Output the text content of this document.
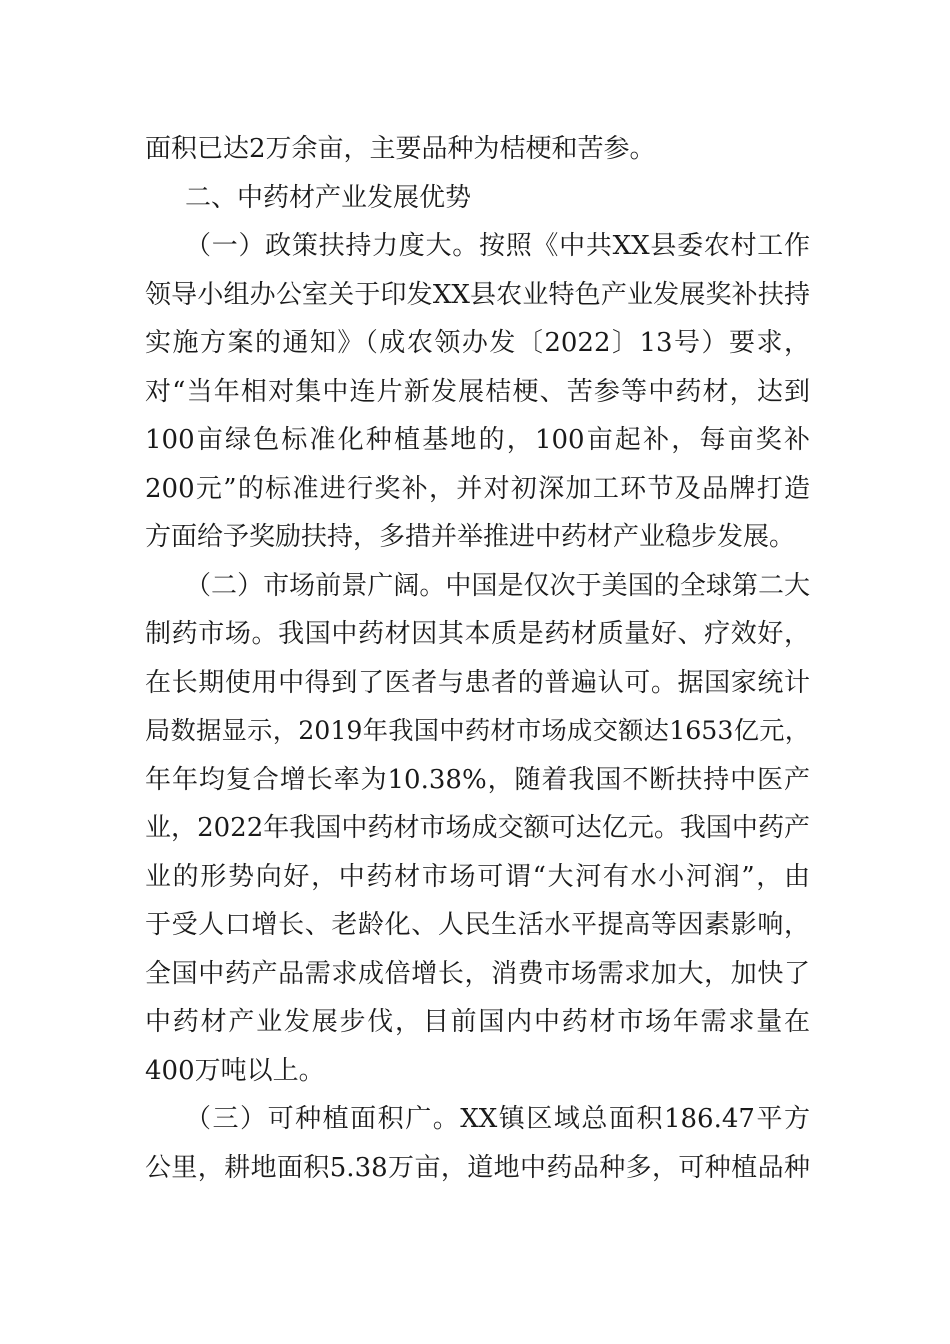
面积已达2万余亩，主要品种为桔梗和苦参。
二、中药材产业发展优势
（一）政策扶持力度大。按照《中共XX县委农村工作
领导小组办公室关于印发XX县农业特色产业发展奖补扶持
实施方案的通知》（成农领办发〔2022〕13号）要求，
对“当年相对集中连片新发展桔梗、苦参等中药材，达到
100亩绿色标准化种植基地的，100亩起补，每亩奖补
200元”的标准进行奖补，并对初深加工环节及品牌打造
方面给予奖励扶持，多措并举推进中药材产业稳步发展。
（二）市场前景广阔。中国是仅次于美国的全球第二大
制药市场。我国中药材因其本质是药材质量好、疗效好，
在长期使用中得到了医者与患者的普遍认可。据国家统计
局数据显示，2019年我国中药材市场成交额达1653亿元，
年年均复合增长率为10.38%，随着我国不断扶持中医产
业，2022年我国中药材市场成交额可达亿元。我国中药产
业的形势向好，中药材市场可谓“大河有水小河润”，由
于受人口增长、老龄化、人民生活水平提高等因素影响，
全国中药产品需求成倍增长，消费市场需求加大，加快了
中药材产业发展步伐，目前国内中药材市场年需求量在
400万吨以上。
（三）可种植面积广。XX镇区域总面积186.47平方
公里，耕地面积5.38万亩，道地中药品种多，可种植品种
